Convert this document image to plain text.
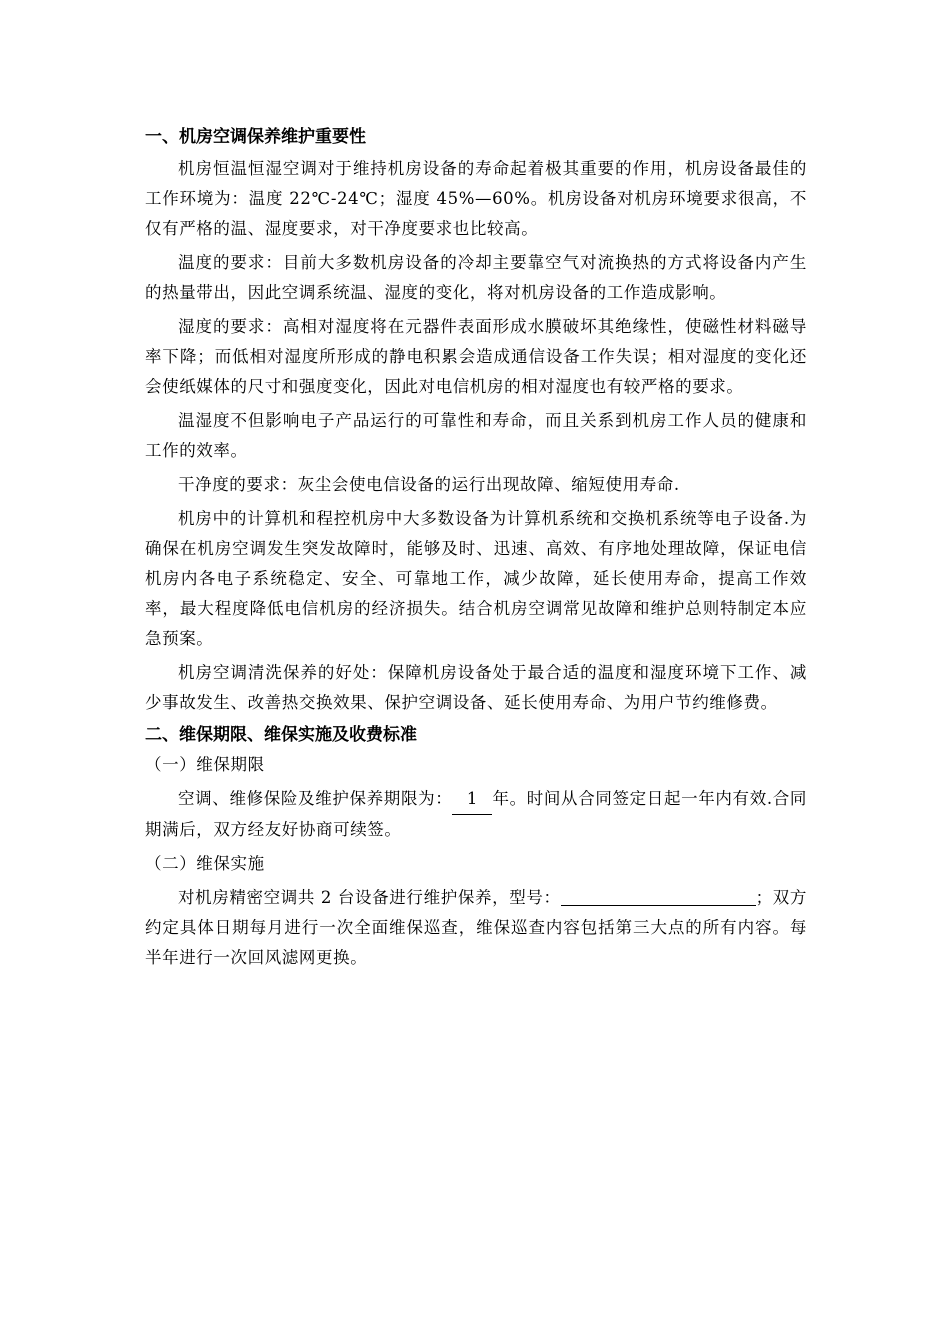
一、机房空调保养维护重要性

机房恒温恒湿空调对于维持机房设备的寿命起着极其重要的作用，机房设备最佳的工作环境为：温度 22℃-24℃；湿度 45%—60%。机房设备对机房环境要求很高，不仅有严格的温、湿度要求，对干净度要求也比较高。

温度的要求：目前大多数机房设备的冷却主要靠空气对流换热的方式将设备内产生的热量带出，因此空调系统温、湿度的变化，将对机房设备的工作造成影响。

湿度的要求：高相对湿度将在元器件表面形成水膜破坏其绝缘性，使磁性材料磁导率下降；而低相对湿度所形成的静电积累会造成通信设备工作失误；相对湿度的变化还会使纸媒体的尺寸和强度变化，因此对电信机房的相对湿度也有较严格的要求。

温湿度不但影响电子产品运行的可靠性和寿命，而且关系到机房工作人员的健康和工作的效率。

干净度的要求：灰尘会使电信设备的运行出现故障、缩短使用寿命.

机房中的计算机和程控机房中大多数设备为计算机系统和交换机系统等电子设备.为确保在机房空调发生突发故障时，能够及时、迅速、高效、有序地处理故障，保证电信机房内各电子系统稳定、安全、可靠地工作，减少故障，延长使用寿命，提高工作效率，最大程度降低电信机房的经济损失。结合机房空调常见故障和维护总则特制定本应急预案。

机房空调清洗保养的好处：保障机房设备处于最合适的温度和湿度环境下工作、减少事故发生、改善热交换效果、保护空调设备、延长使用寿命、为用户节约维修费。

二、维保期限、维保实施及收费标准
（一）维保期限

空调、维修保险及维护保养期限为： 1 年。时间从合同签定日起一年内有效.合同期满后，双方经友好协商可续签。

（二）维保实施

对机房精密空调共 2 台设备进行维护保养，型号：	；双方约定具体日期每月进行一次全面维保巡查，维保巡查内容包括第三大点的所有内容。每半年进行一次回风滤网更换。
